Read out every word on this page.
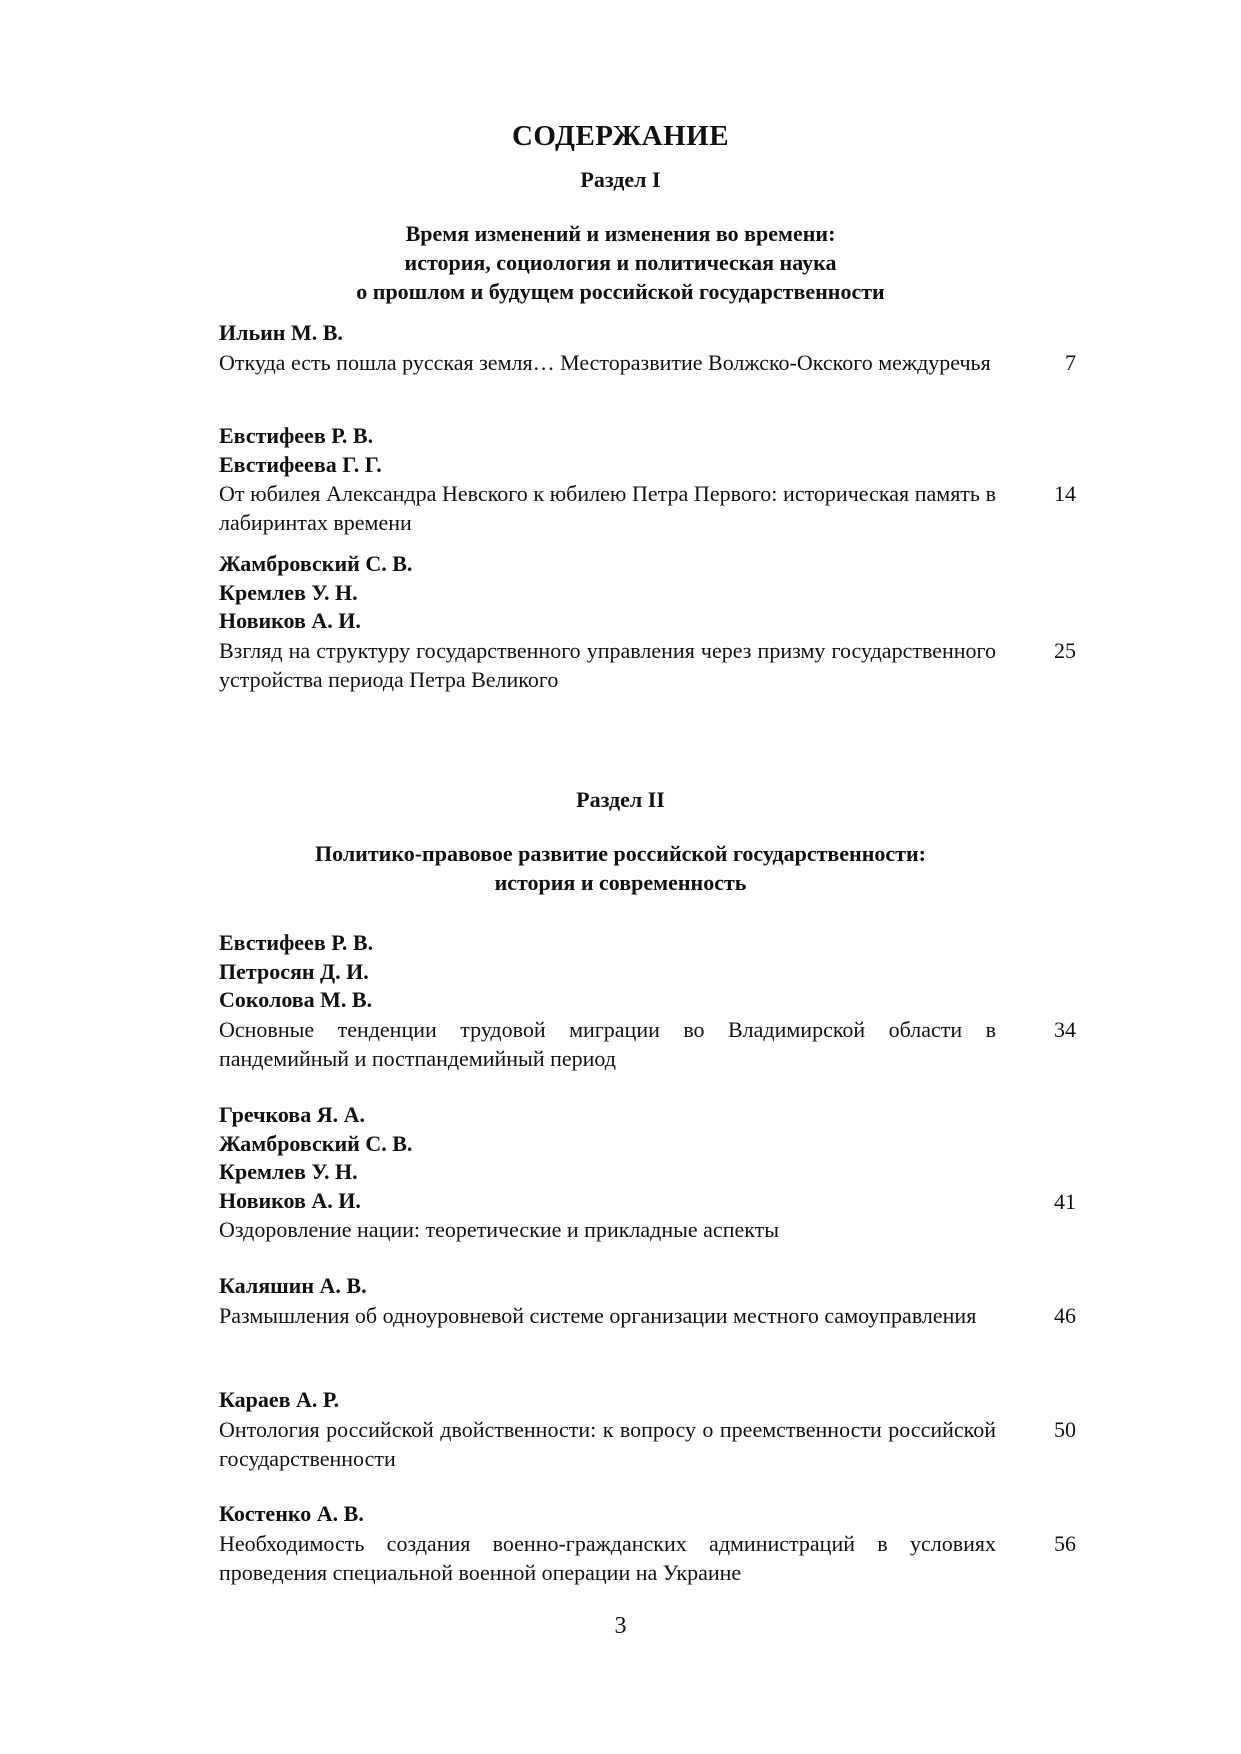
СОДЕРЖАНИЕ
Раздел I
Время изменений и изменения во времени:
история, социология и политическая наука
о прошлом и будущем российской государственности
Ильин М. В.
Откуда есть пошла русская земля… Месторазвитие Волжско-Окского междуречья	7
Евстифеев Р. В.
Евстифеева Г. Г.
От юбилея Александра Невского к юбилею Петра Первого: историческая память в лабиринтах времени
14
Жамбровский С. В.
Кремлев У. Н.
Новиков А. И.
Взгляд на структуру государственного управления через призму государственного устройства периода Петра Великого
25
Раздел II
Политико-правовое развитие российской государственности:
история и современность
Евстифеев Р. В.
Петросян Д. И.
Соколова М. В.
Основные тенденции трудовой миграции во Владимирской области в пандемийный и постпандемийный период
34
Гречкова Я. А.
Жамбровский С. В.
Кремлев У. Н.
Новиков А. И.
Оздоровление нации: теоретические и прикладные аспекты
41
Каляшин А. В.
Размышления об одноуровневой системе организации местного самоуправления	46
Караев А. Р.
Онтология российской двойственности: к вопросу о преемственности российской государственности
50
Костенко А. В.
Необходимость создания военно-гражданских администраций в условиях проведения специальной военной операции на Украине
56
3
